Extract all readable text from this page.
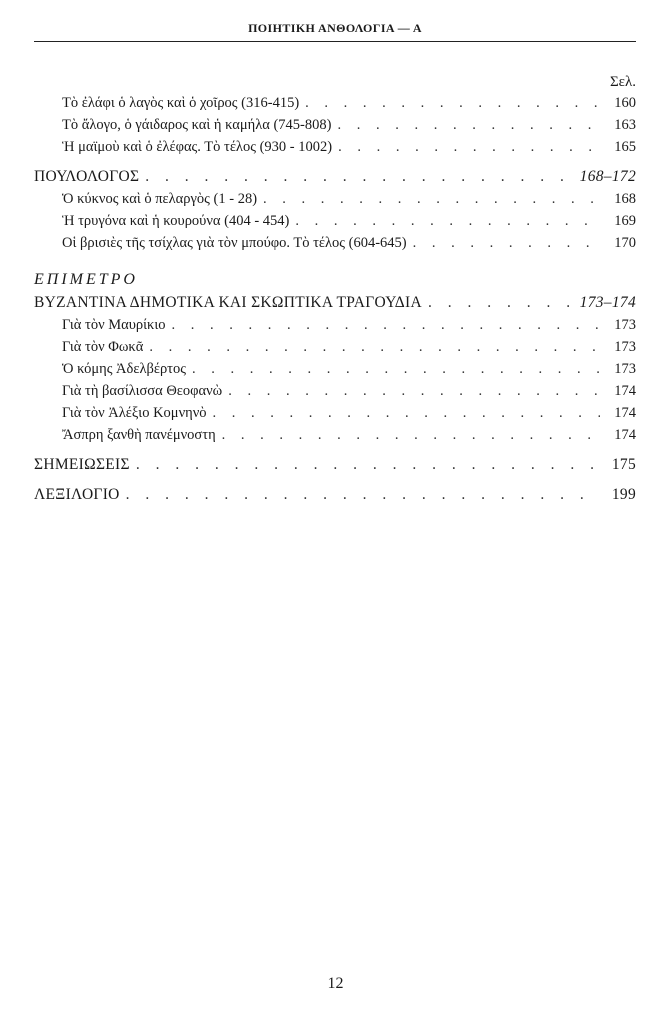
ΠΟΙΗΤΙΚΗ ΑΝΘΟΛΟΓΙΑ — Α
Σελ.
Τὸ ἐλάφι ὁ λαγὸς καὶ ὁ χοῖρος (316-415) . . .	160
Τὸ ἄλογο, ὁ γάιδαρος καὶ ἡ καμήλα (745-808) . . .	163
Ἡ μαϊμοὺ καὶ ὁ ἐλέφας. Τὸ τέλος (930 - 1002) . . .	165
ΠΟΥΛΟΛΟΓΟΣ . . .	168–172
Ὁ κύκνος καὶ ὁ πελαργὸς (1 - 28) . . .	168
Ἡ τρυγόνα καὶ ἡ κουρούνα (404 - 454) . . .	169
Οἱ βρισιὲς τῆς τσίχλας γιὰ τὸν μπούφο. Τὸ τέλος (604-645) . . .	170
ΕΠΙΜΕΤΡΟ
ΒΥΖΑΝΤΙΝΑ ΔΗΜΟΤΙΚΑ ΚΑΙ ΣΚΩΠΤΙΚΑ ΤΡΑΓΟΥΔΙΑ . . .	173–174
Γιὰ τὸν Μαυρίκιο . . .	173
Γιὰ τὸν Φωκᾶ . . .	173
Ὁ κόμης Ἀδελβέρτος . . .	173
Γιὰ τὴ βασίλισσα Θεοφανὼ . . .	174
Γιὰ τὸν Ἀλέξιο Κομνηνὸ . . .	174
Ἄσπρη ξανθὴ πανέμνοστη . . .	174
ΣΗΜΕΙΩΣΕΙΣ . . .	175
ΛΕΞΙΛΟΓΙΟ . . .	199
12
